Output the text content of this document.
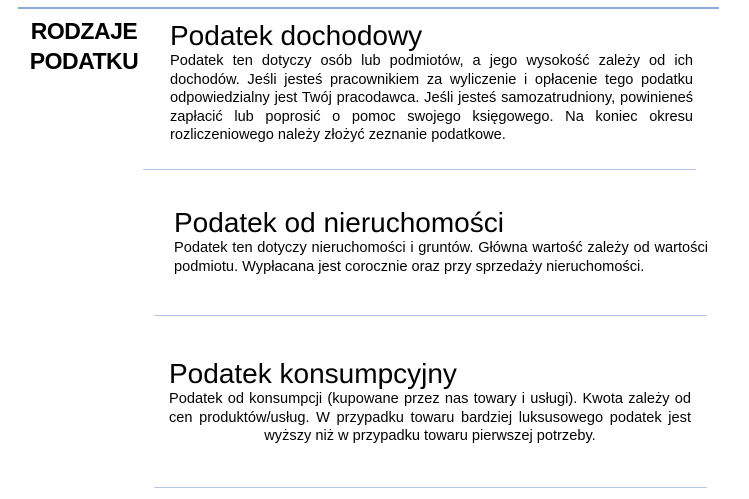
RODZAJE
PODATKU
Podatek dochodowy
Podatek ten dotyczy osób lub podmiotów, a jego wysokość zależy od ich dochodów. Jeśli jesteś pracownikiem za wyliczenie i opłacenie tego podatku odpowiedzialny jest Twój pracodawca. Jeśli jesteś samozatrudniony, powinieneś zapłacić lub poprosić o pomoc swojego księgowego. Na koniec okresu rozliczeniowego należy złożyć zeznanie podatkowe.
Podatek od nieruchomości
Podatek ten dotyczy nieruchomości i gruntów. Główna wartość zależy od wartości podmiotu. Wypłacana jest corocznie oraz przy sprzedaży nieruchomości.
Podatek konsumpcyjny
Podatek od konsumpcji (kupowane przez nas towary i usługi). Kwota zależy od cen produktów/usług. W przypadku towaru bardziej luksusowego podatek jest wyższy niż w przypadku towaru pierwszej potrzeby.
